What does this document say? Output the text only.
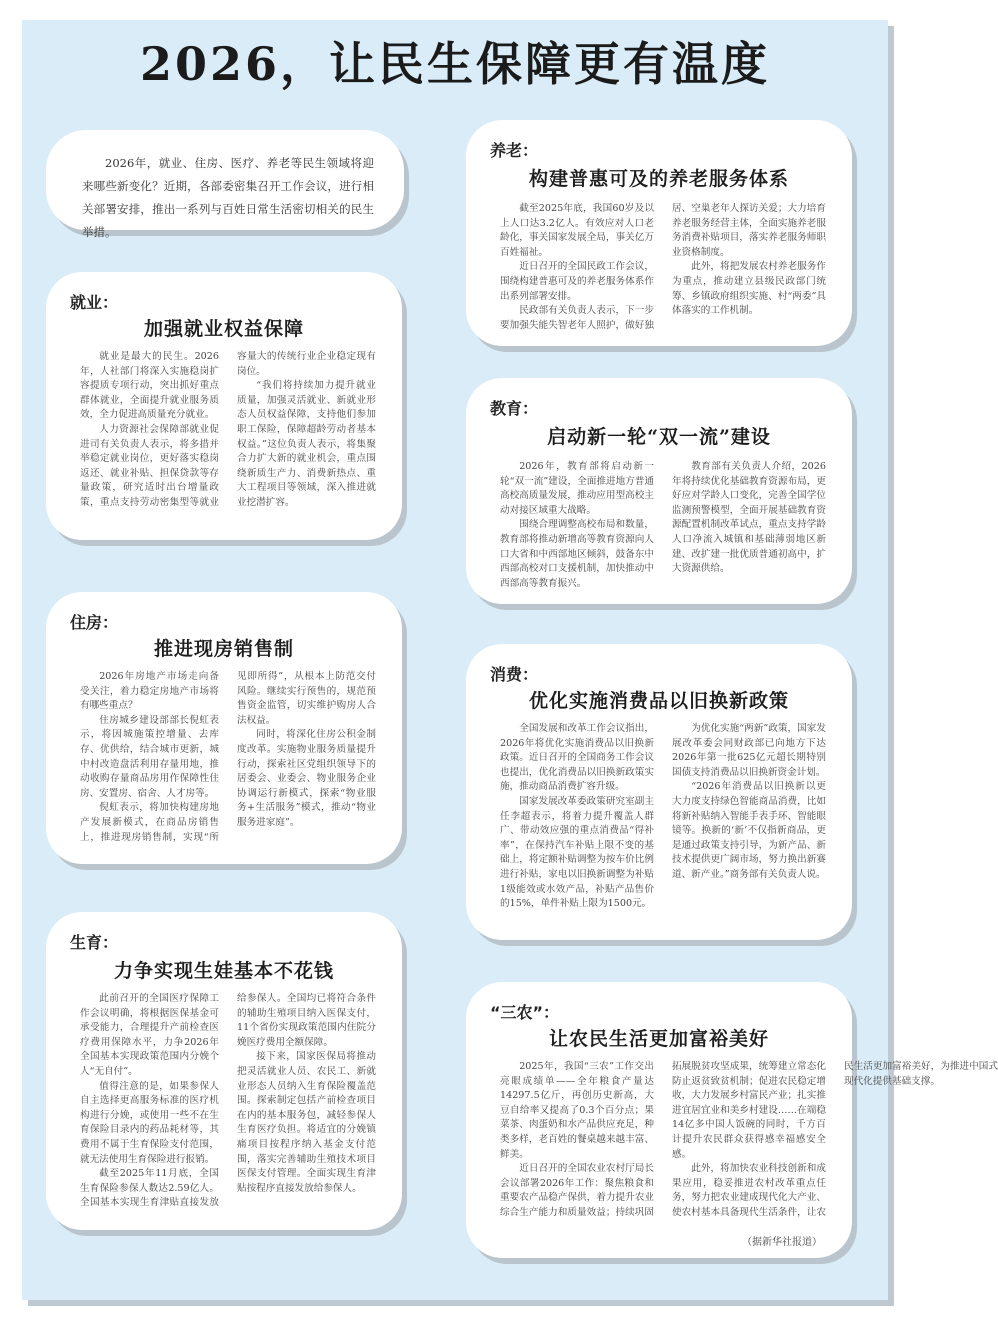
2026，让民生保障更有温度
2026年，就业、住房、医疗、养老等民生领域将迎来哪些新变化？近期，各部委密集召开工作会议，进行相关部署安排，推出一系列与百姓日常生活密切相关的民生举措。
养老：
构建普惠可及的养老服务体系

截至2025年底，我国60岁及以上人口达3.2亿人。有效应对人口老龄化，事关国家发展全局，事关亿万百姓福祉。

近日召开的全国民政工作会议，围绕构建普惠可及的养老服务体系作出系列部署安排。

民政部有关负责人表示，下一步要加强失能失智老年人照护，做好独居、空巢老年人探访关爱；大力培育养老服务经营主体，全面实施养老服务消费补贴项目，落实养老服务师职业资格制度。

此外，将把发展农村养老服务作为重点，推动建立县级民政部门统筹、乡镇政府组织实施、村“两委”具体落实的工作机制。

就业：
加强就业权益保障

就业是最大的民生。2026年，人社部门将深入实施稳岗扩容提质专项行动，突出抓好重点群体就业，全面提升就业服务质效，全力促进高质量充分就业。

人力资源社会保障部就业促进司有关负责人表示，将多措并举稳定就业岗位，更好落实稳岗返还、就业补贴、担保贷款等存量政策，研究适时出台增量政策，重点支持劳动密集型等就业容量大的传统行业企业稳定现有岗位。

“我们将持续加力提升就业质量，加强灵活就业、新就业形态人员权益保障，支持他们参加职工保险，保障超龄劳动者基本权益。”这位负责人表示，将集聚合力扩大新的就业机会，重点围绕新质生产力、消费新热点、重大工程项目等领域，深入推进就业挖潜扩容。

教育：
启动新一轮“双一流”建设

2026年，教育部将启动新一轮“双一流”建设，全面推进地方普通高校高质量发展，推动应用型高校主动对接区域重大战略。

围绕合理调整高校布局和数量，教育部将推动新增高等教育资源向人口大省和中西部地区倾斜，鼓备东中西部高校对口支援机制，加快推动中西部高等教育振兴。

教育部有关负责人介绍，2026年将持续优化基础教育资源布局，更好应对学龄人口变化，完善全国学位监测预警模型，全面开展基础教育资源配置机制改革试点，重点支持学龄人口净流入城镇和基础薄弱地区新建、改扩建一批优质普通初高中，扩大资源供给。

住房：
推进现房销售制

2026年房地产市场走向备受关注，着力稳定房地产市场将有哪些重点？

住房城乡建设部部长倪虹表示，将因城施策控增量、去库存、优供给，结合城市更新，城中村改造盘活利用存量用地，推动收购存量商品房用作保障性住房、安置房、宿舍、人才房等。

倪虹表示，将加快构建房地产发展新模式，在商品房销售上，推进现房销售制，实现“所见即所得”，从根本上防范交付风险。继续实行预售的，规范预售资金监管，切实维护购房人合法权益。

同时，将深化住房公积金制度改革。实施物业服务质量提升行动，探索社区党组织领导下的居委会、业委会、物业服务企业协调运行新模式，探索“物业服务+生活服务”模式，推动“物业服务进家庭”。

消费：
优化实施消费品以旧换新政策

全国发展和改革工作会议指出，2026年将优化实施消费品以旧换新政策。近日召开的全国商务工作会议也提出，优化消费品以旧换新政策实施，推动商品消费扩容升级。

国家发展改革委政策研究室副主任李超表示，将着力提升覆盖人群广、带动效应强的重点消费品“得补率”，在保持汽车补贴上限不变的基础上，将定额补贴调整为按车价比例进行补贴，家电以旧换新调整为补贴1级能效或水效产品，补贴产品售价的15%，单件补贴上限为1500元。

为优化实施“两新”政策，国家发展改革委会同财政部已向地方下达2026年第一批625亿元超长期特别国债支持消费品以旧换新资金计划。

“2026年消费品以旧换新以更大力度支持绿色智能商品消费，比如将新补贴纳入智能手表手环、智能眼镜等。换新的‘新’不仅指新商品，更是通过政策支持引导，为新产品、新技术提供更广阔市场，努力换出新赛道、新产业。”商务部有关负责人说。

生育：
力争实现生娃基本不花钱

此前召开的全国医疗保障工作会议明确，将根据医保基金可承受能力，合理提升产前检查医疗费用保障水平，力争2026年全国基本实现政策范围内分娩个人“无自付”。

值得注意的是，如果参保人自主选择更高服务标准的医疗机构进行分娩，或使用一些不在生育保险目录内的药品耗材等，其费用不属于生育保险支付范围，就无法使用生育保险进行报销。

截至2025年11月底，全国生育保险参保人数达2.59亿人。全国基本实现生育津贴直接发放给参保人。全国均已将符合条件的辅助生殖项目纳入医保支付，11个省份实现政策范围内住院分娩医疗费用全额保障。

接下来，国家医保局将推动把灵活就业人员、农民工、新就业形态人员纳入生育保险覆盖范围。探索制定包括产前检查项目在内的基本服务包，减轻参保人生育医疗负担。将适宜的分娩镇痛项目按程序纳入基金支付范围，落实完善辅助生殖技术项目医保支付管理。全面实现生育津贴按程序直接发放给参保人。

“三农”：
让农民生活更加富裕美好

2025年，我国“三农”工作交出亮眼成绩单——全年粮食产量达14297.5亿斤，再创历史新高，大豆自给率又提高了0.3个百分点；果菜茶、肉蛋奶和水产品供应充足，种类多样，老百姓的餐桌越来越丰富、鲜美。

近日召开的全国农业农村厅局长会议部署2026年工作：聚焦粮食和重要农产品稳产保供，着力提升农业综合生产能力和质量效益；持续巩固拓展脱贫攻坚成果，统筹建立常态化防止返贫致贫机制；促进农民稳定增收，大力发展乡村富民产业；扎实推进宜居宜业和美乡村建设……在端稳14亿多中国人饭碗的同时，千方百计提升农民群众获得感幸福感安全感。

此外，将加快农业科技创新和成果应用，稳妥推进农村改革重点任务，努力把农业建成现代化大产业、使农村基本具备现代生活条件，让农民生活更加富裕美好，为推进中国式现代化提供基础支撑。

（据新华社报道）
